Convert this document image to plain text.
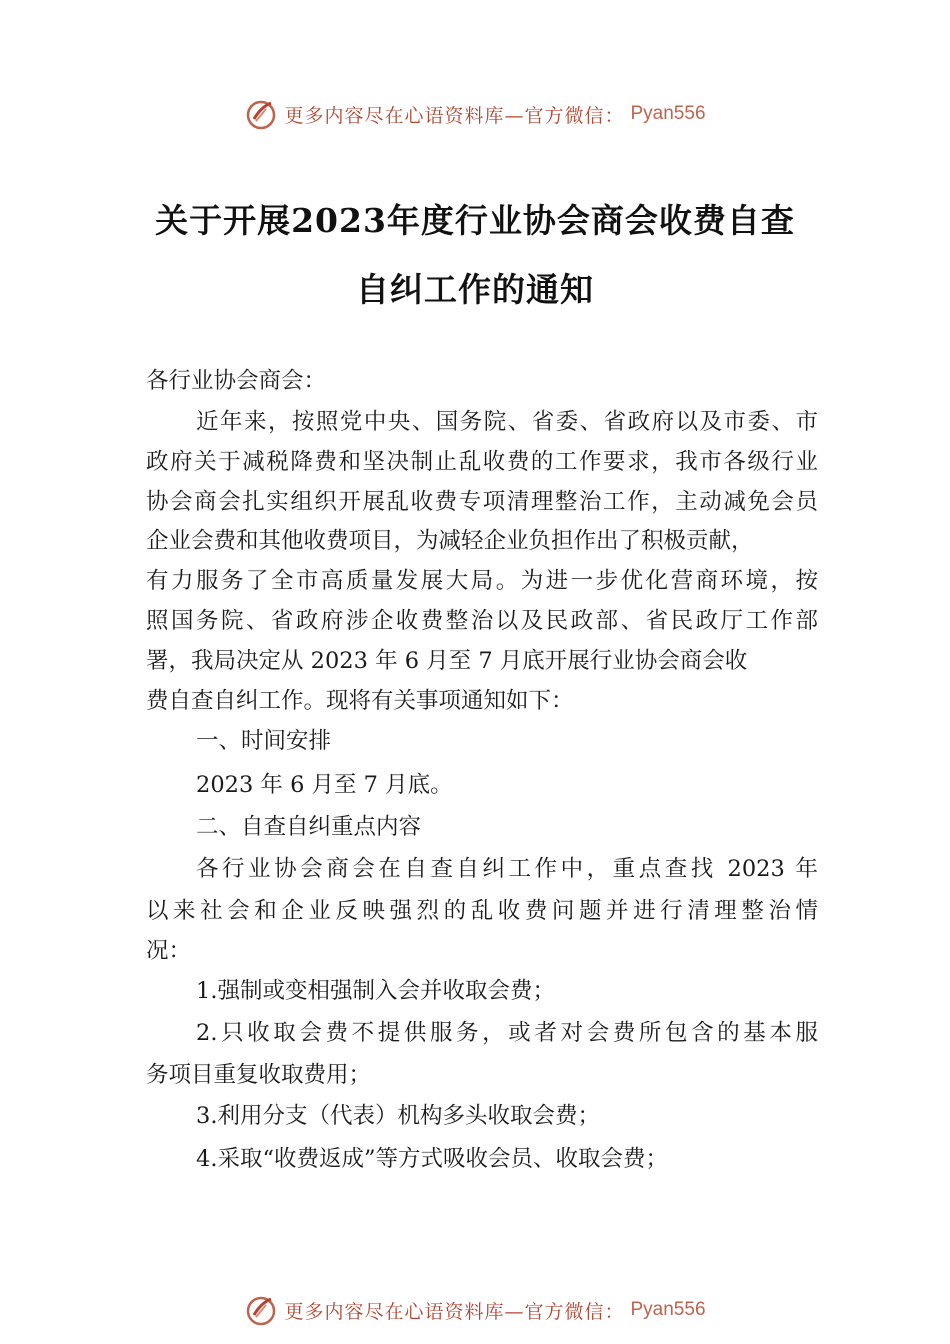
更多内容尽在心语资料库—官方微信： Pyan556
关于开展2023年度行业协会商会收费自查
自纠工作的通知
各行业协会商会：
近年来，按照党中央、国务院、省委、省政府以及市委、市
政府关于减税降费和坚决制止乱收费的工作要求，我市各级行业
协会商会扎实组织开展乱收费专项清理整治工作，主动减免会员
企业会费和其他收费项目，为减轻企业负担作出了积极贡献，
有力服务了全市高质量发展大局。为进一步优化营商环境，按
照国务院、省政府涉企收费整治以及民政部、省民政厅工作部
署，我局决定从 2023 年 6 月至 7 月底开展行业协会商会收
费自查自纠工作。现将有关事项通知如下：
一、时间安排
2023 年 6 月至 7 月底。
二、自查自纠重点内容
各行业协会商会在自查自纠工作中，重点查找 2023 年
以来社会和企业反映强烈的乱收费问题并进行清理整治情
况：
1.强制或变相强制入会并收取会费；
2.只收取会费不提供服务，或者对会费所包含的基本服
务项目重复收取费用；
3.利用分支（代表）机构多头收取会费；
4.采取“收费返成”等方式吸收会员、收取会费；
更多内容尽在心语资料库—官方微信： Pyan556
